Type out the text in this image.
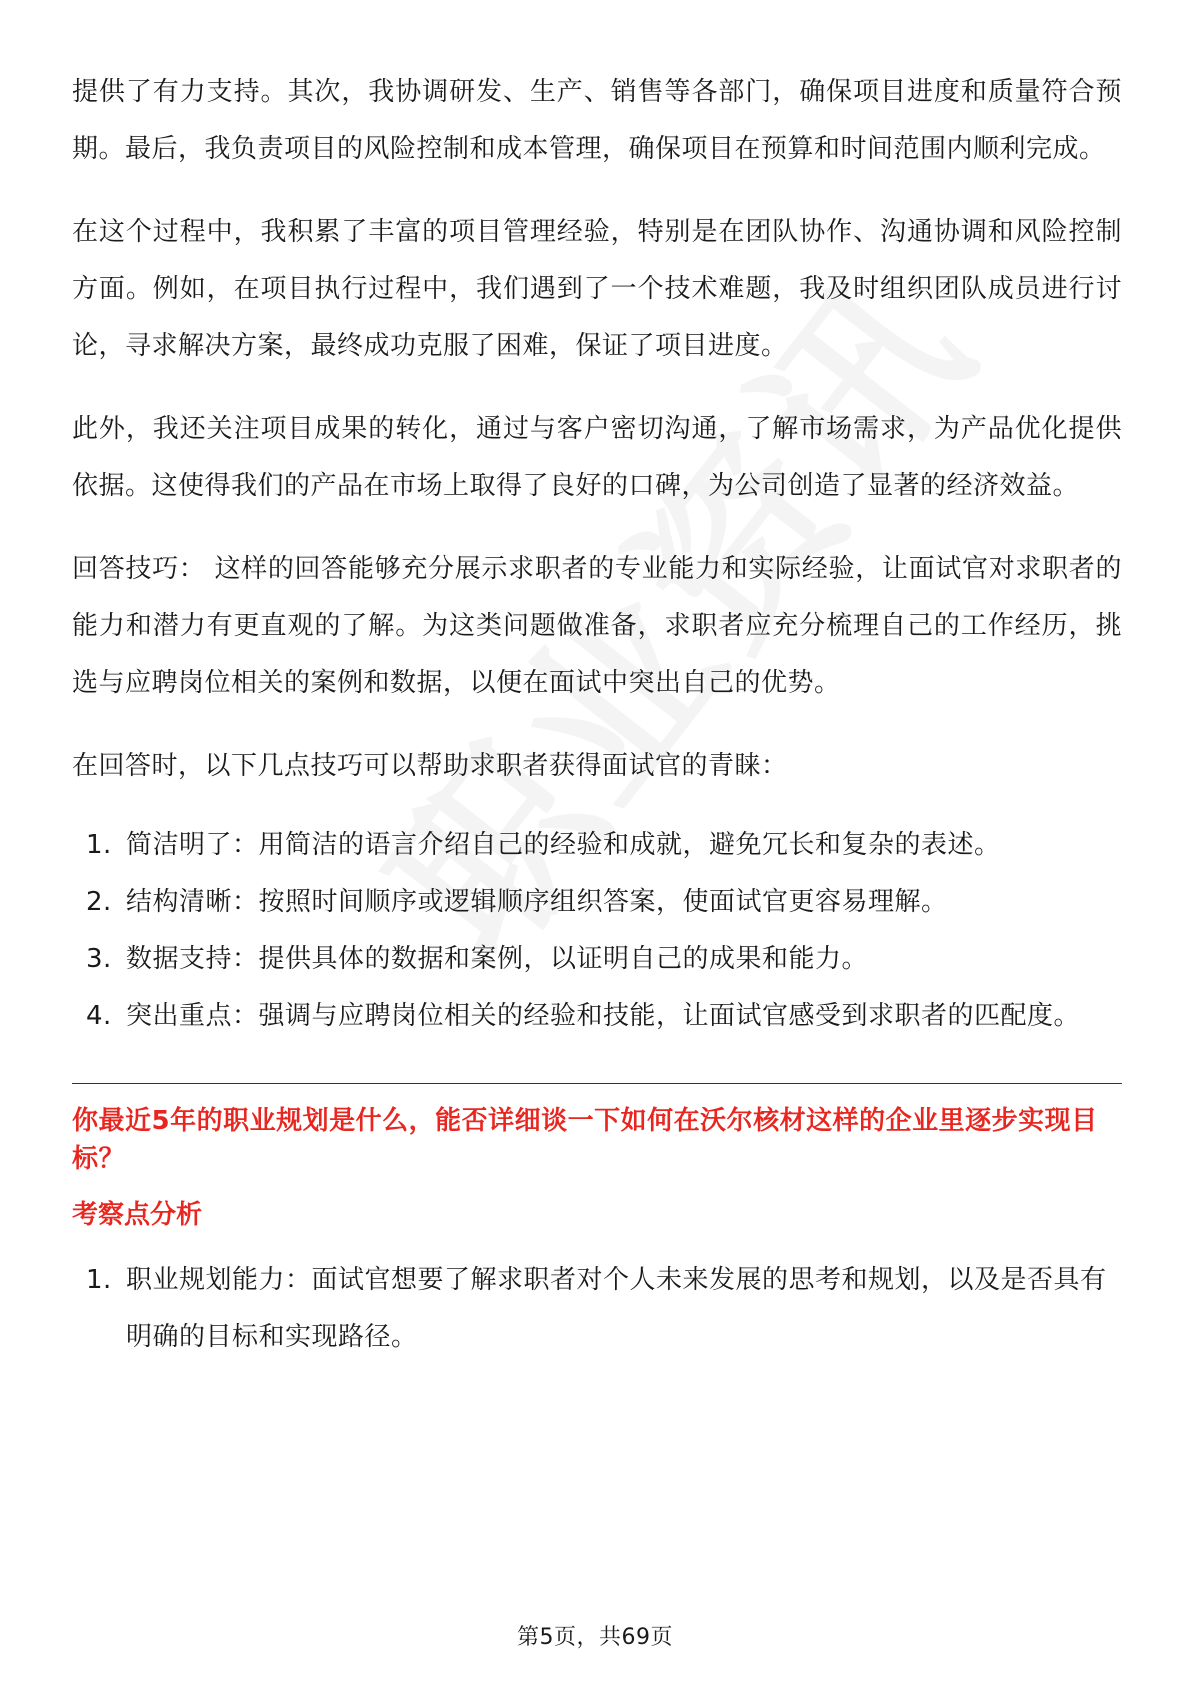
提供了有力支持。其次，我协调研发、生产、销售等各部门，确保项目进度和质量符合预期。最后，我负责项目的风险控制和成本管理，确保项目在预算和时间范围内顺利完成。

在这个过程中，我积累了丰富的项目管理经验，特别是在团队协作、沟通协调和风险控制方面。例如，在项目执行过程中，我们遇到了一个技术难题，我及时组织团队成员进行讨论，寻求解决方案，最终成功克服了困难，保证了项目进度。

此外，我还关注项目成果的转化，通过与客户密切沟通，了解市场需求，为产品优化提供依据。这使得我们的产品在市场上取得了良好的口碑，为公司创造了显著的经济效益。

回答技巧： 这样的回答能够充分展示求职者的专业能力和实际经验，让面试官对求职者的能力和潜力有更直观的了解。为这类问题做准备，求职者应充分梳理自己的工作经历，挑选与应聘岗位相关的案例和数据，以便在面试中突出自己的优势。

在回答时，以下几点技巧可以帮助求职者获得面试官的青睐：

1. 简洁明了：用简洁的语言介绍自己的经验和成就，避免冗长和复杂的表述。
2. 结构清晰：按照时间顺序或逻辑顺序组织答案，使面试官更容易理解。
3. 数据支持：提供具体的数据和案例，以证明自己的成果和能力。
4. 突出重点：强调与应聘岗位相关的经验和技能，让面试官感受到求职者的匹配度。

你最近5年的职业规划是什么，能否详细谈一下如何在沃尔核材这样的企业里逐步实现目标？

考察点分析

1. 职业规划能力：面试官想要了解求职者对个人未来发展的思考和规划，以及是否具有明确的目标和实现路径。
第5页，共69页
